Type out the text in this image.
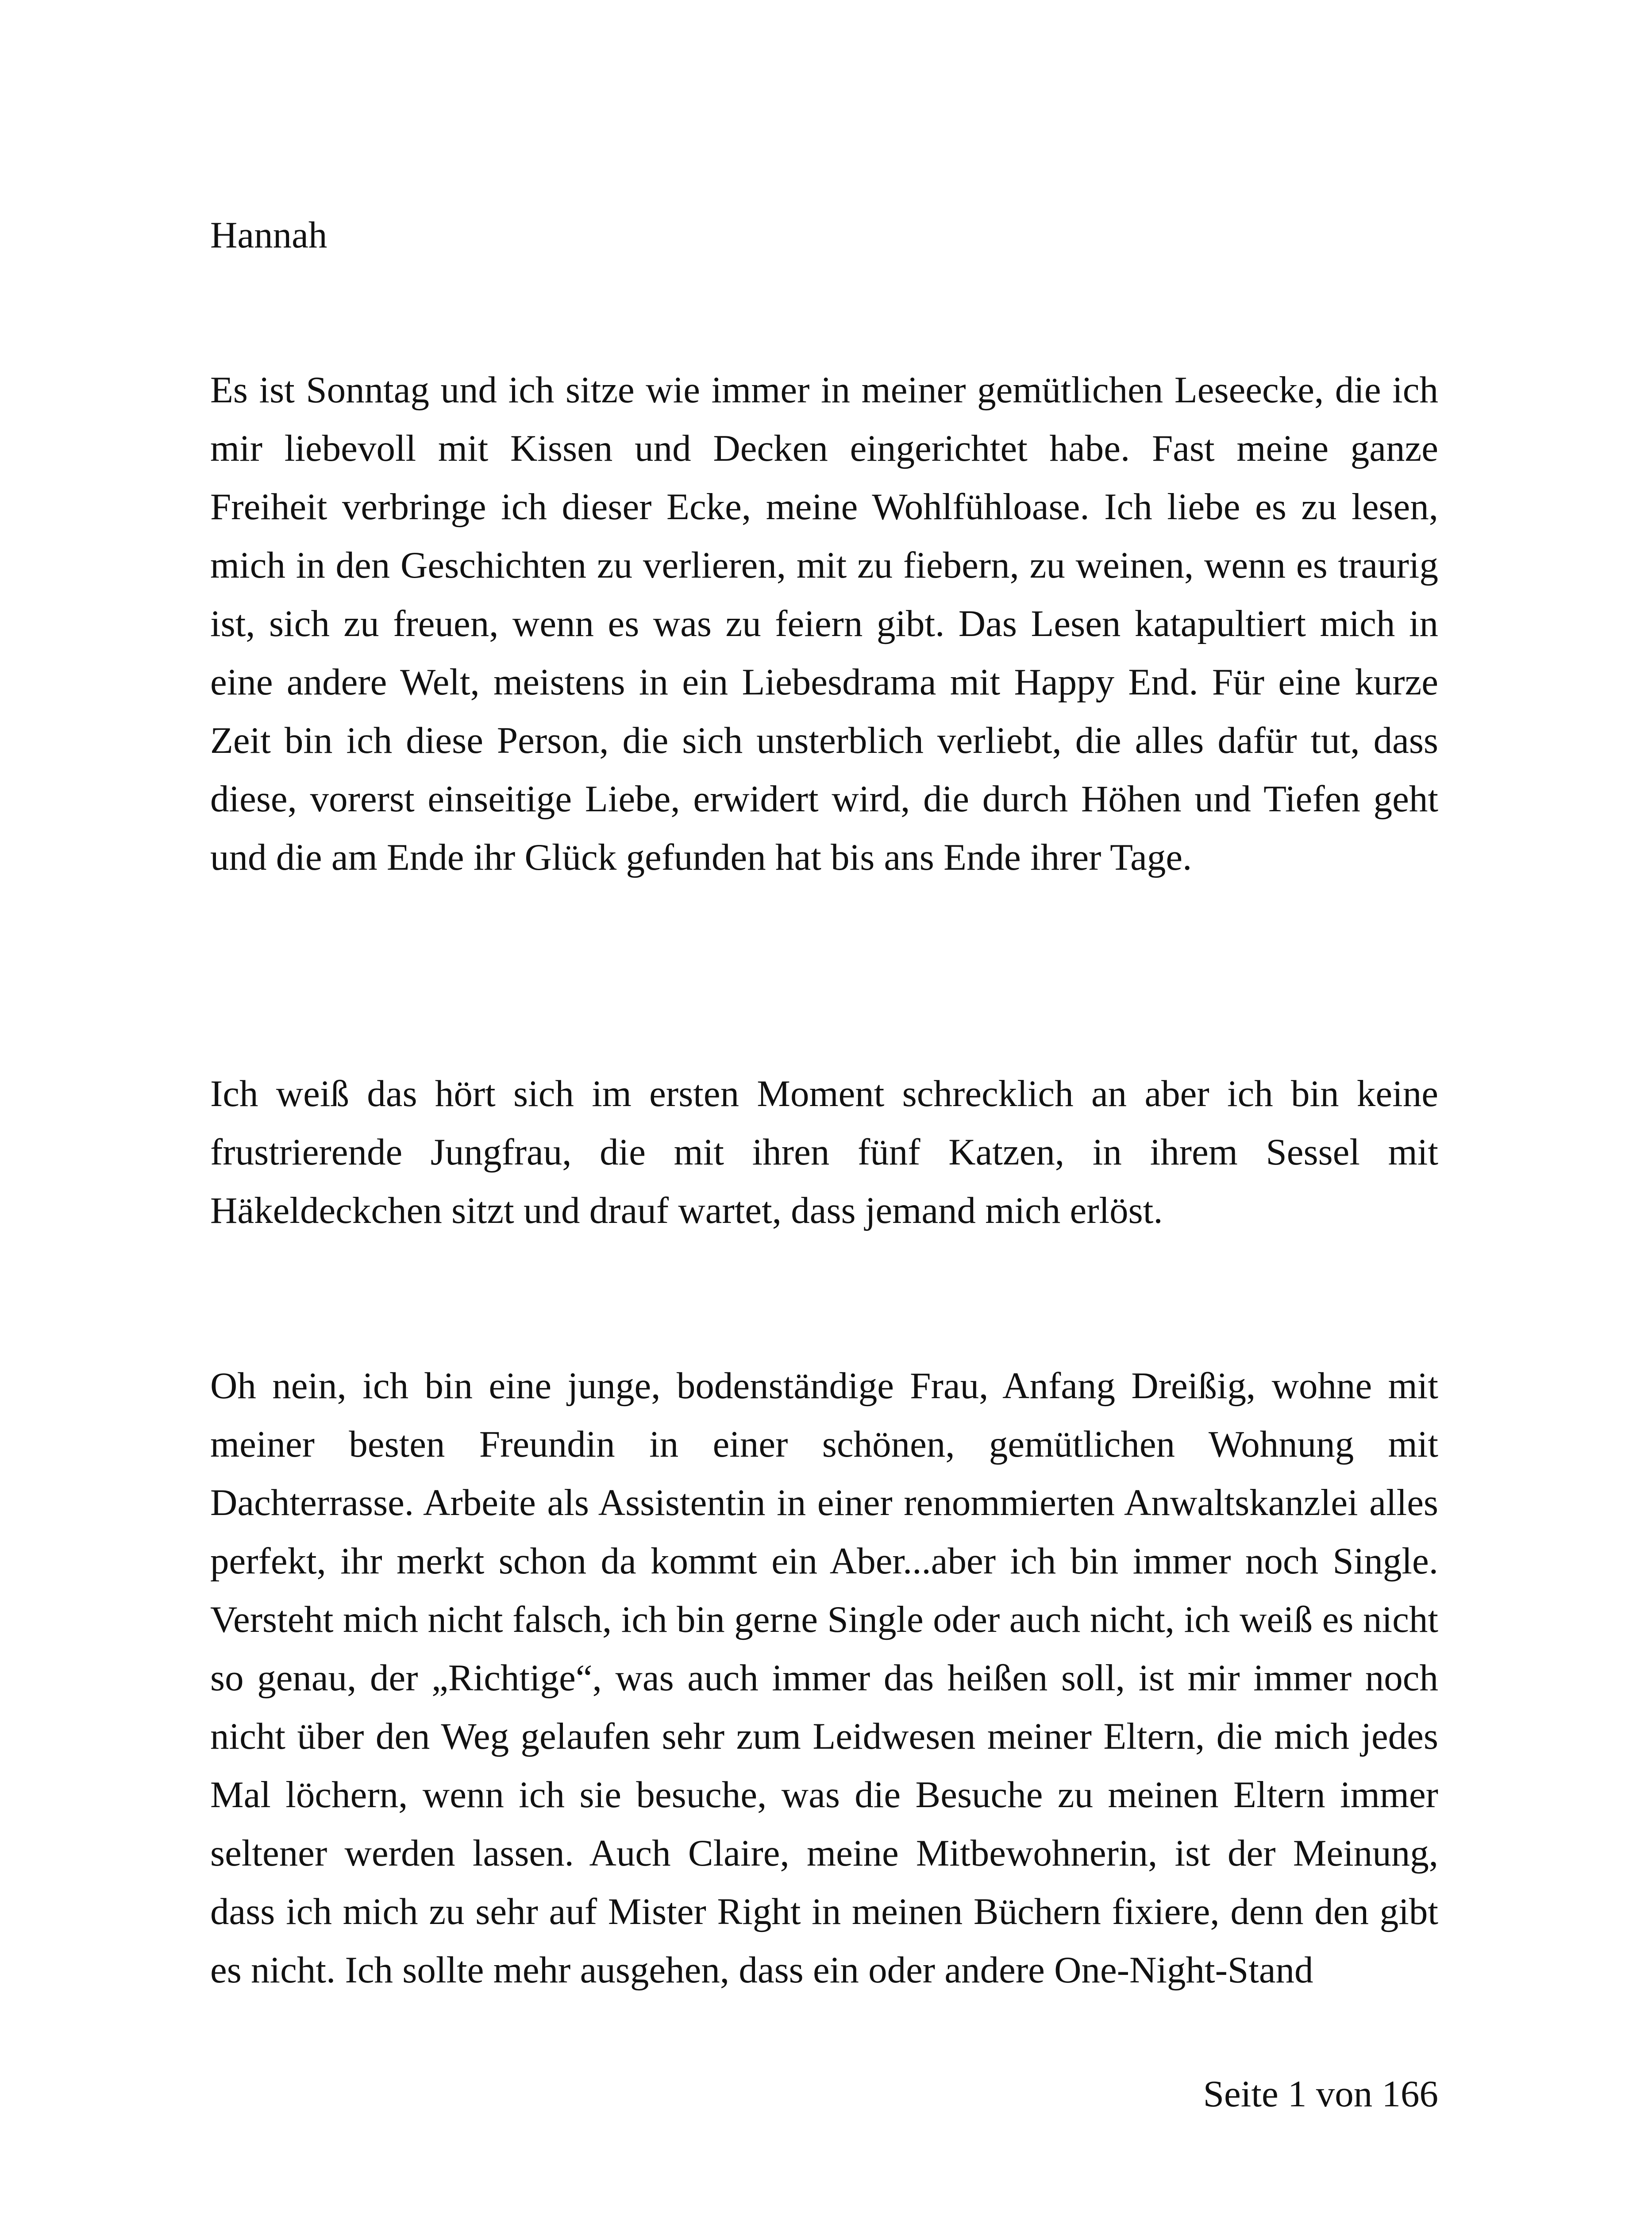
Hannah

Es ist Sonntag und ich sitze wie immer in meiner gemütlichen Leseecke, die ich mir liebevoll mit Kissen und Decken eingerichtet habe. Fast meine ganze Freiheit verbringe ich dieser Ecke, meine Wohlfühloase. Ich liebe es zu lesen, mich in den Geschichten zu verlieren, mit zu fiebern, zu weinen, wenn es traurig ist, sich zu freuen, wenn es was zu feiern gibt. Das Lesen katapultiert mich in eine andere Welt, meistens in ein Liebesdrama mit Happy End. Für eine kurze Zeit bin ich diese Person, die sich unsterblich verliebt, die alles dafür tut, dass diese, vorerst einseitige Liebe, erwidert wird, die durch Höhen und Tiefen geht und die am Ende ihr Glück gefunden hat bis ans Ende ihrer Tage.

Ich weiß das hört sich im ersten Moment schrecklich an aber ich bin keine frustrierende Jungfrau, die mit ihren fünf Katzen, in ihrem Sessel mit Häkeldeckchen sitzt und drauf wartet, dass jemand mich erlöst.

Oh nein, ich bin eine junge, bodenständige Frau, Anfang Dreißig, wohne mit meiner besten Freundin in einer schönen, gemütlichen Wohnung mit Dachterrasse. Arbeite als Assistentin in einer renommierten Anwaltskanzlei alles perfekt, ihr merkt schon da kommt ein Aber...aber ich bin immer noch Single. Versteht mich nicht falsch, ich bin gerne Single oder auch nicht, ich weiß es nicht so genau, der „Richtige“, was auch immer das heißen soll, ist mir immer noch nicht über den Weg gelaufen sehr zum Leidwesen meiner Eltern, die mich jedes Mal löchern, wenn ich sie besuche, was die Besuche zu meinen Eltern immer seltener werden lassen. Auch Claire, meine Mitbewohnerin, ist der Meinung, dass ich mich zu sehr auf Mister Right in meinen Büchern fixiere, denn den gibt es nicht. Ich sollte mehr ausgehen, dass ein oder andere One-Night-Stand

Seite 1 von 166
